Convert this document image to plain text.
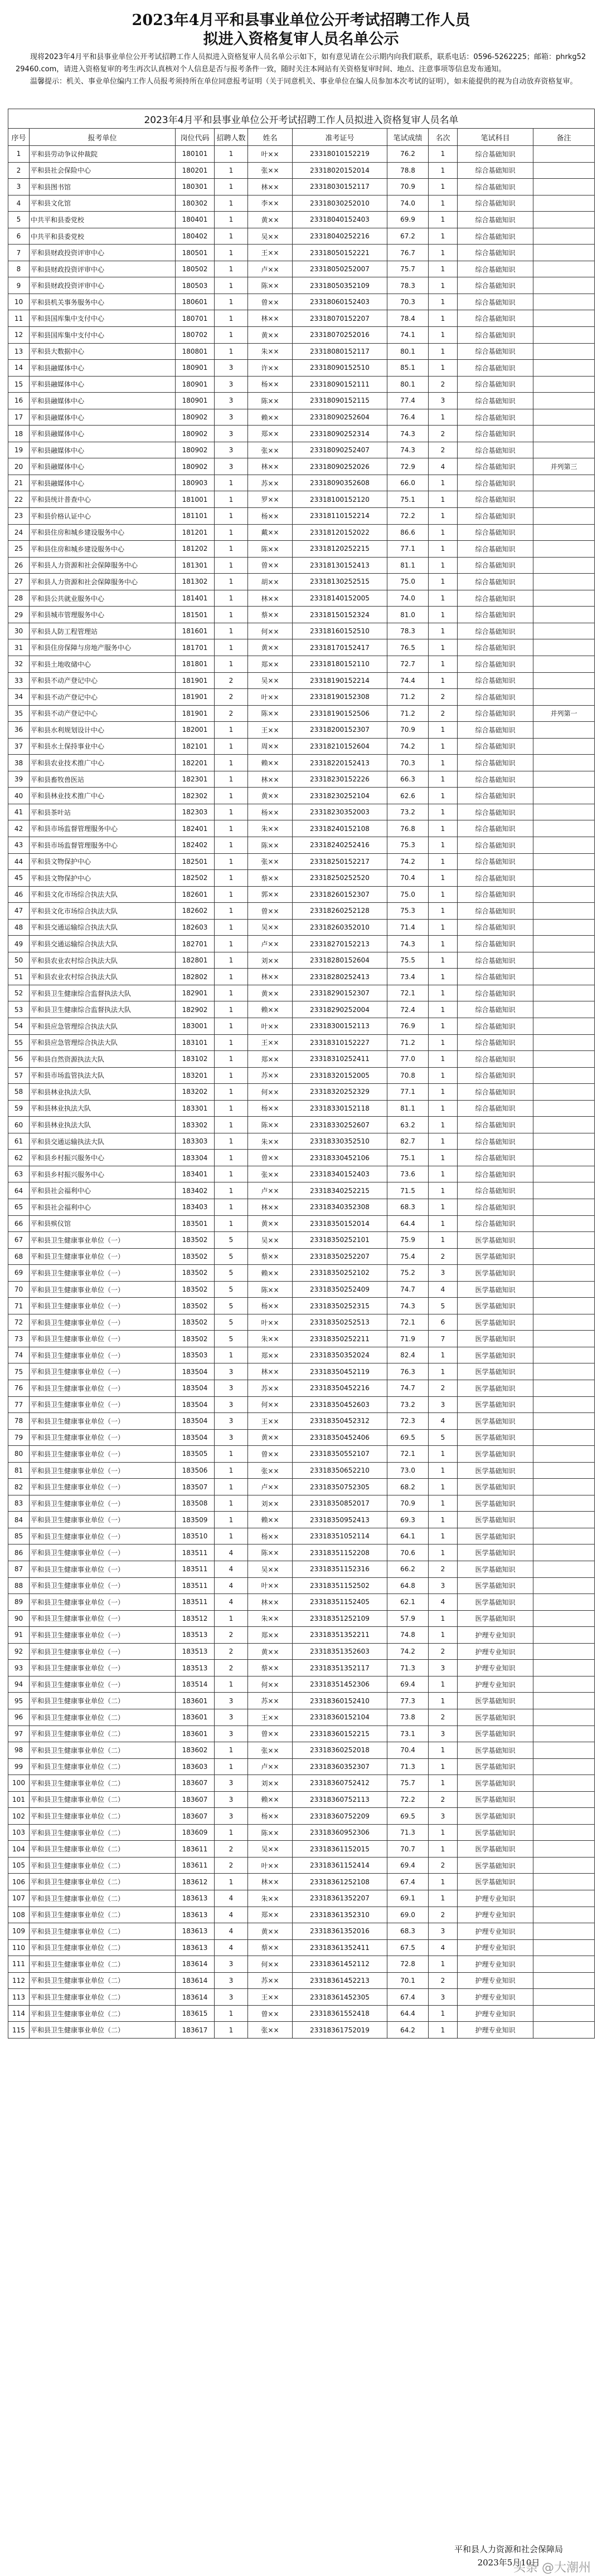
2023年4月平和县事业单位公开考试招聘工作人员
拟进入资格复审人员名单公示

现将2023年4月平和县事业单位公开考试招聘工作人员拟进入资格复审人员名单公示如下，如有意见请在公示期内向我们联系，联系电话：0596-5262225；邮箱：phrkg5229460.com，请进入资格复审的考生再次认真核对个人信息是否与报考条件一致，随时关注本网站有关资格复审时间、地点、注意事项等信息发布通知。

温馨提示：机关、事业单位编内工作人员报考须持所在单位同意报考证明（关于同意机关、事业单位在编人员参加本次考试的证明），如未能提供的视为自动放弃资格复审。

2023年4月平和县事业单位公开考试招聘工作人员拟进入资格复审人员名单									
序号	报考单位	岗位代码	招聘人数	姓名	准考证号	笔试成绩	名次	笔试科目	备注
1	平和县劳动争议仲裁院	180101	1	叶××	23318010152219	76.2	1	综合基础知识	
2	平和县社会保险中心	180201	1	张××	23318020152014	78.8	1	综合基础知识	
3	平和县图书馆	180301	1	林××	23318030152117	70.9	1	综合基础知识	
4	平和县文化馆	180302	1	李××	23318030252010	74.0	1	综合基础知识	
5	中共平和县委党校	180401	1	黄××	23318040152403	69.9	1	综合基础知识	
6	中共平和县委党校	180402	1	吴××	23318040252216	67.2	1	综合基础知识	
7	平和县财政投资评审中心	180501	1	王××	23318050152221	76.7	1	综合基础知识	
8	平和县财政投资评审中心	180502	1	卢××	23318050252007	75.7	1	综合基础知识	
9	平和县财政投资评审中心	180503	1	陈××	23318050352109	78.3	1	综合基础知识	
10	平和县机关事务服务中心	180601	1	曾××	23318060152403	70.3	1	综合基础知识	
11	平和县国库集中支付中心	180701	1	林××	23318070152207	78.4	1	综合基础知识	
12	平和县国库集中支付中心	180702	1	黄××	23318070252016	74.1	1	综合基础知识	
13	平和县大数据中心	180801	1	朱××	23318080152117	80.1	1	综合基础知识	
14	平和县融媒体中心	180901	3	许××	23318090152510	85.1	1	综合基础知识	
15	平和县融媒体中心	180901	3	杨××	23318090152111	80.1	2	综合基础知识	
16	平和县融媒体中心	180901	3	陈××	23318090152115	77.4	3	综合基础知识	
17	平和县融媒体中心	180902	3	赖××	23318090252604	76.4	1	综合基础知识	
18	平和县融媒体中心	180902	3	郑××	23318090252314	74.3	2	综合基础知识	
19	平和县融媒体中心	180902	3	张××	23318090252407	74.3	2	综合基础知识	
20	平和县融媒体中心	180902	3	林××	23318090252026	72.9	4	综合基础知识	并列第三
21	平和县融媒体中心	180903	1	苏××	23318090352608	66.0	1	综合基础知识	
22	平和县统计普查中心	181001	1	罗××	23318100152120	75.1	1	综合基础知识	
23	平和县价格认证中心	181101	1	杨××	23318110152214	72.2	1	综合基础知识	
24	平和县住房和城乡建设服务中心	181201	1	戴××	23318120152022	86.6	1	综合基础知识	
25	平和县住房和城乡建设服务中心	181202	1	陈××	23318120252215	77.1	1	综合基础知识	
26	平和县人力资源和社会保障服务中心	181301	1	曾××	23318130152413	81.1	1	综合基础知识	
27	平和县人力资源和社会保障服务中心	181302	1	胡××	23318130252515	75.0	1	综合基础知识	
28	平和县公共就业服务中心	181401	1	林××	23318140152005	74.0	1	综合基础知识	
29	平和县城市管理服务中心	181501	1	蔡××	23318150152324	81.0	1	综合基础知识	
30	平和县人防工程管理站	181601	1	何××	23318160152510	78.3	1	综合基础知识	
31	平和县住房保障与房地产服务中心	181701	1	黄××	23318170152417	76.5	1	综合基础知识	
32	平和县土地收储中心	181801	1	郑××	23318180152110	72.7	1	综合基础知识	
33	平和县不动产登记中心	181901	2	吴××	23318190152214	74.4	1	综合基础知识	
34	平和县不动产登记中心	181901	2	叶××	23318190152308	71.2	2	综合基础知识	
35	平和县不动产登记中心	181901	2	陈××	23318190152506	71.2	2	综合基础知识	并列第一
36	平和县水利规划设计中心	182001	1	王××	23318200152307	70.9	1	综合基础知识	
37	平和县水土保持事业中心	182101	1	周××	23318210152604	74.2	1	综合基础知识	
38	平和县农业技术推广中心	182201	1	赖××	23318220152413	70.3	1	综合基础知识	
39	平和县畜牧兽医站	182301	1	林××	23318230152226	66.3	1	综合基础知识	
40	平和县林业技术推广中心	182302	1	黄××	23318230252104	62.6	1	综合基础知识	
41	平和县茶叶站	182303	1	杨××	23318230352003	73.2	1	综合基础知识	
42	平和县市场监督管理服务中心	182401	1	朱××	23318240152108	76.8	1	综合基础知识	
43	平和县市场监督管理服务中心	182402	1	陈××	23318240252416	75.3	1	综合基础知识	
44	平和县文物保护中心	182501	1	张××	23318250152217	74.2	1	综合基础知识	
45	平和县文物保护中心	182502	1	蔡××	23318250252520	70.4	1	综合基础知识	
46	平和县文化市场综合执法大队	182601	1	郭××	23318260152307	75.0	1	综合基础知识	
47	平和县文化市场综合执法大队	182602	1	曾××	23318260252128	75.3	1	综合基础知识	
48	平和县交通运输综合执法大队	182603	1	吴××	23318260352010	71.4	1	综合基础知识	
49	平和县交通运输综合执法大队	182701	1	卢××	23318270152213	74.3	1	综合基础知识	
50	平和县农业农村综合执法大队	182801	1	刘××	23318280152604	75.5	1	综合基础知识	
51	平和县农业农村综合执法大队	182802	1	林××	23318280252413	73.4	1	综合基础知识	
52	平和县卫生健康综合监督执法大队	182901	1	黄××	23318290152307	72.1	1	综合基础知识	
53	平和县卫生健康综合监督执法大队	182902	1	赖××	23318290252004	72.4	1	综合基础知识	
54	平和县应急管理综合执法大队	183001	1	叶××	23318300152113	76.9	1	综合基础知识	
55	平和县应急管理综合执法大队	183101	1	王××	23318310152227	71.2	1	综合基础知识	
56	平和县自然资源执法大队	183102	1	郑××	23318310252411	77.0	1	综合基础知识	
57	平和县市场监管执法大队	183201	1	苏××	23318320152005	70.8	1	综合基础知识	
58	平和县林业执法大队	183202	1	何××	23318320252329	77.1	1	综合基础知识	
59	平和县林业执法大队	183301	1	杨××	23318330152118	81.1	1	综合基础知识	
60	平和县林业执法大队	183302	1	陈××	23318330252607	63.2	1	综合基础知识	
61	平和县交通运输执法大队	183303	1	朱××	23318330352510	82.7	1	综合基础知识	
62	平和县乡村振兴服务中心	183304	1	曾××	23318330452106	75.1	1	综合基础知识	
63	平和县乡村振兴服务中心	183401	1	张××	23318340152403	73.6	1	综合基础知识	
64	平和县社会福利中心	183402	1	卢××	23318340252215	71.5	1	综合基础知识	
65	平和县社会福利中心	183403	1	林××	23318340352308	68.3	1	综合基础知识	
66	平和县殡仪馆	183501	1	黄××	23318350152014	64.4	1	综合基础知识	
67	平和县卫生健康事业单位（一）	183502	5	吴××	23318350252101	75.9	1	医学基础知识	
68	平和县卫生健康事业单位（一）	183502	5	蔡××	23318350252207	75.4	2	医学基础知识	
69	平和县卫生健康事业单位（一）	183502	5	赖××	23318350252102	75.2	3	医学基础知识	
70	平和县卫生健康事业单位（一）	183502	5	陈××	23318350252409	74.7	4	医学基础知识	
71	平和县卫生健康事业单位（一）	183502	5	杨××	23318350252315	74.3	5	医学基础知识	
72	平和县卫生健康事业单位（一）	183502	5	叶××	23318350252513	72.1	6	医学基础知识	
73	平和县卫生健康事业单位（一）	183502	5	朱××	23318350252211	71.9	7	医学基础知识	
74	平和县卫生健康事业单位（一）	183503	1	郑××	23318350352024	82.4	1	医学基础知识	
75	平和县卫生健康事业单位（一）	183504	3	林××	23318350452119	76.3	1	医学基础知识	
76	平和县卫生健康事业单位（一）	183504	3	苏××	23318350452216	74.7	2	医学基础知识	
77	平和县卫生健康事业单位（一）	183504	3	何××	23318350452603	73.2	3	医学基础知识	
78	平和县卫生健康事业单位（一）	183504	3	王××	23318350452312	72.3	4	医学基础知识	
79	平和县卫生健康事业单位（一）	183504	3	黄××	23318350452406	69.5	5	医学基础知识	
80	平和县卫生健康事业单位（一）	183505	1	曾××	23318350552107	72.1	1	医学基础知识	
81	平和县卫生健康事业单位（一）	183506	1	张××	23318350652210	73.0	1	医学基础知识	
82	平和县卫生健康事业单位（一）	183507	1	卢××	23318350752305	68.2	1	医学基础知识	
83	平和县卫生健康事业单位（一）	183508	1	刘××	23318350852017	70.9	1	医学基础知识	
84	平和县卫生健康事业单位（一）	183509	1	赖××	23318350952413	69.3	1	医学基础知识	
85	平和县卫生健康事业单位（一）	183510	1	杨××	23318351052114	64.1	1	医学基础知识	
86	平和县卫生健康事业单位（一）	183511	4	陈××	23318351152208	70.6	1	医学基础知识	
87	平和县卫生健康事业单位（一）	183511	4	吴××	23318351152316	66.2	2	医学基础知识	
88	平和县卫生健康事业单位（一）	183511	4	叶××	23318351152502	64.8	3	医学基础知识	
89	平和县卫生健康事业单位（一）	183511	4	林××	23318351152405	62.1	4	医学基础知识	
90	平和县卫生健康事业单位（一）	183512	1	朱××	23318351252109	57.9	1	医学基础知识	
91	平和县卫生健康事业单位（一）	183513	2	郑××	23318351352211	74.8	1	护理专业知识	
92	平和县卫生健康事业单位（一）	183513	2	黄××	23318351352603	74.2	2	护理专业知识	
93	平和县卫生健康事业单位（一）	183513	2	蔡××	23318351352117	71.3	3	护理专业知识	
94	平和县卫生健康事业单位（一）	183514	1	何××	23318351452306	69.4	1	护理专业知识	
95	平和县卫生健康事业单位（二）	183601	3	苏××	23318360152410	77.3	1	医学基础知识	
96	平和县卫生健康事业单位（二）	183601	3	王××	23318360152104	73.8	2	医学基础知识	
97	平和县卫生健康事业单位（二）	183601	3	曾××	23318360152215	73.1	3	医学基础知识	
98	平和县卫生健康事业单位（二）	183602	1	张××	23318360252018	70.4	1	医学基础知识	
99	平和县卫生健康事业单位（二）	183603	1	卢××	23318360352307	71.3	1	医学基础知识	
100	平和县卫生健康事业单位（二）	183607	3	刘××	23318360752412	75.7	1	医学基础知识	
101	平和县卫生健康事业单位（二）	183607	3	赖××	23318360752113	72.2	2	医学基础知识	
102	平和县卫生健康事业单位（二）	183607	3	杨××	23318360752209	69.5	3	医学基础知识	
103	平和县卫生健康事业单位（二）	183609	1	陈××	23318360952306	71.3	1	医学基础知识	
104	平和县卫生健康事业单位（二）	183611	2	吴××	23318361152015	70.7	1	医学基础知识	
105	平和县卫生健康事业单位（二）	183611	2	叶××	23318361152414	69.4	2	医学基础知识	
106	平和县卫生健康事业单位（二）	183612	1	林××	23318361252108	67.4	1	医学基础知识	
107	平和县卫生健康事业单位（二）	183613	4	朱××	23318361352207	69.1	1	护理专业知识	
108	平和县卫生健康事业单位（二）	183613	4	郑××	23318361352310	69.0	2	护理专业知识	
109	平和县卫生健康事业单位（二）	183613	4	黄××	23318361352016	68.3	3	护理专业知识	
110	平和县卫生健康事业单位（二）	183613	4	蔡××	23318361352411	67.5	4	护理专业知识	
111	平和县卫生健康事业单位（二）	183614	3	何××	23318361452112	72.8	1	护理专业知识	
112	平和县卫生健康事业单位（二）	183614	3	苏××	23318361452213	70.1	2	护理专业知识	
113	平和县卫生健康事业单位（二）	183614	3	王××	23318361452305	67.4	3	护理专业知识	
114	平和县卫生健康事业单位（二）	183615	1	曾××	23318361552418	64.4	1	护理专业知识	
115	平和县卫生健康事业单位（二）	183617	1	张××	23318361752019	64.2	1	护理专业知识	
平和县人力资源和社会保障局
2023年5月10日
头条 @大潮州
